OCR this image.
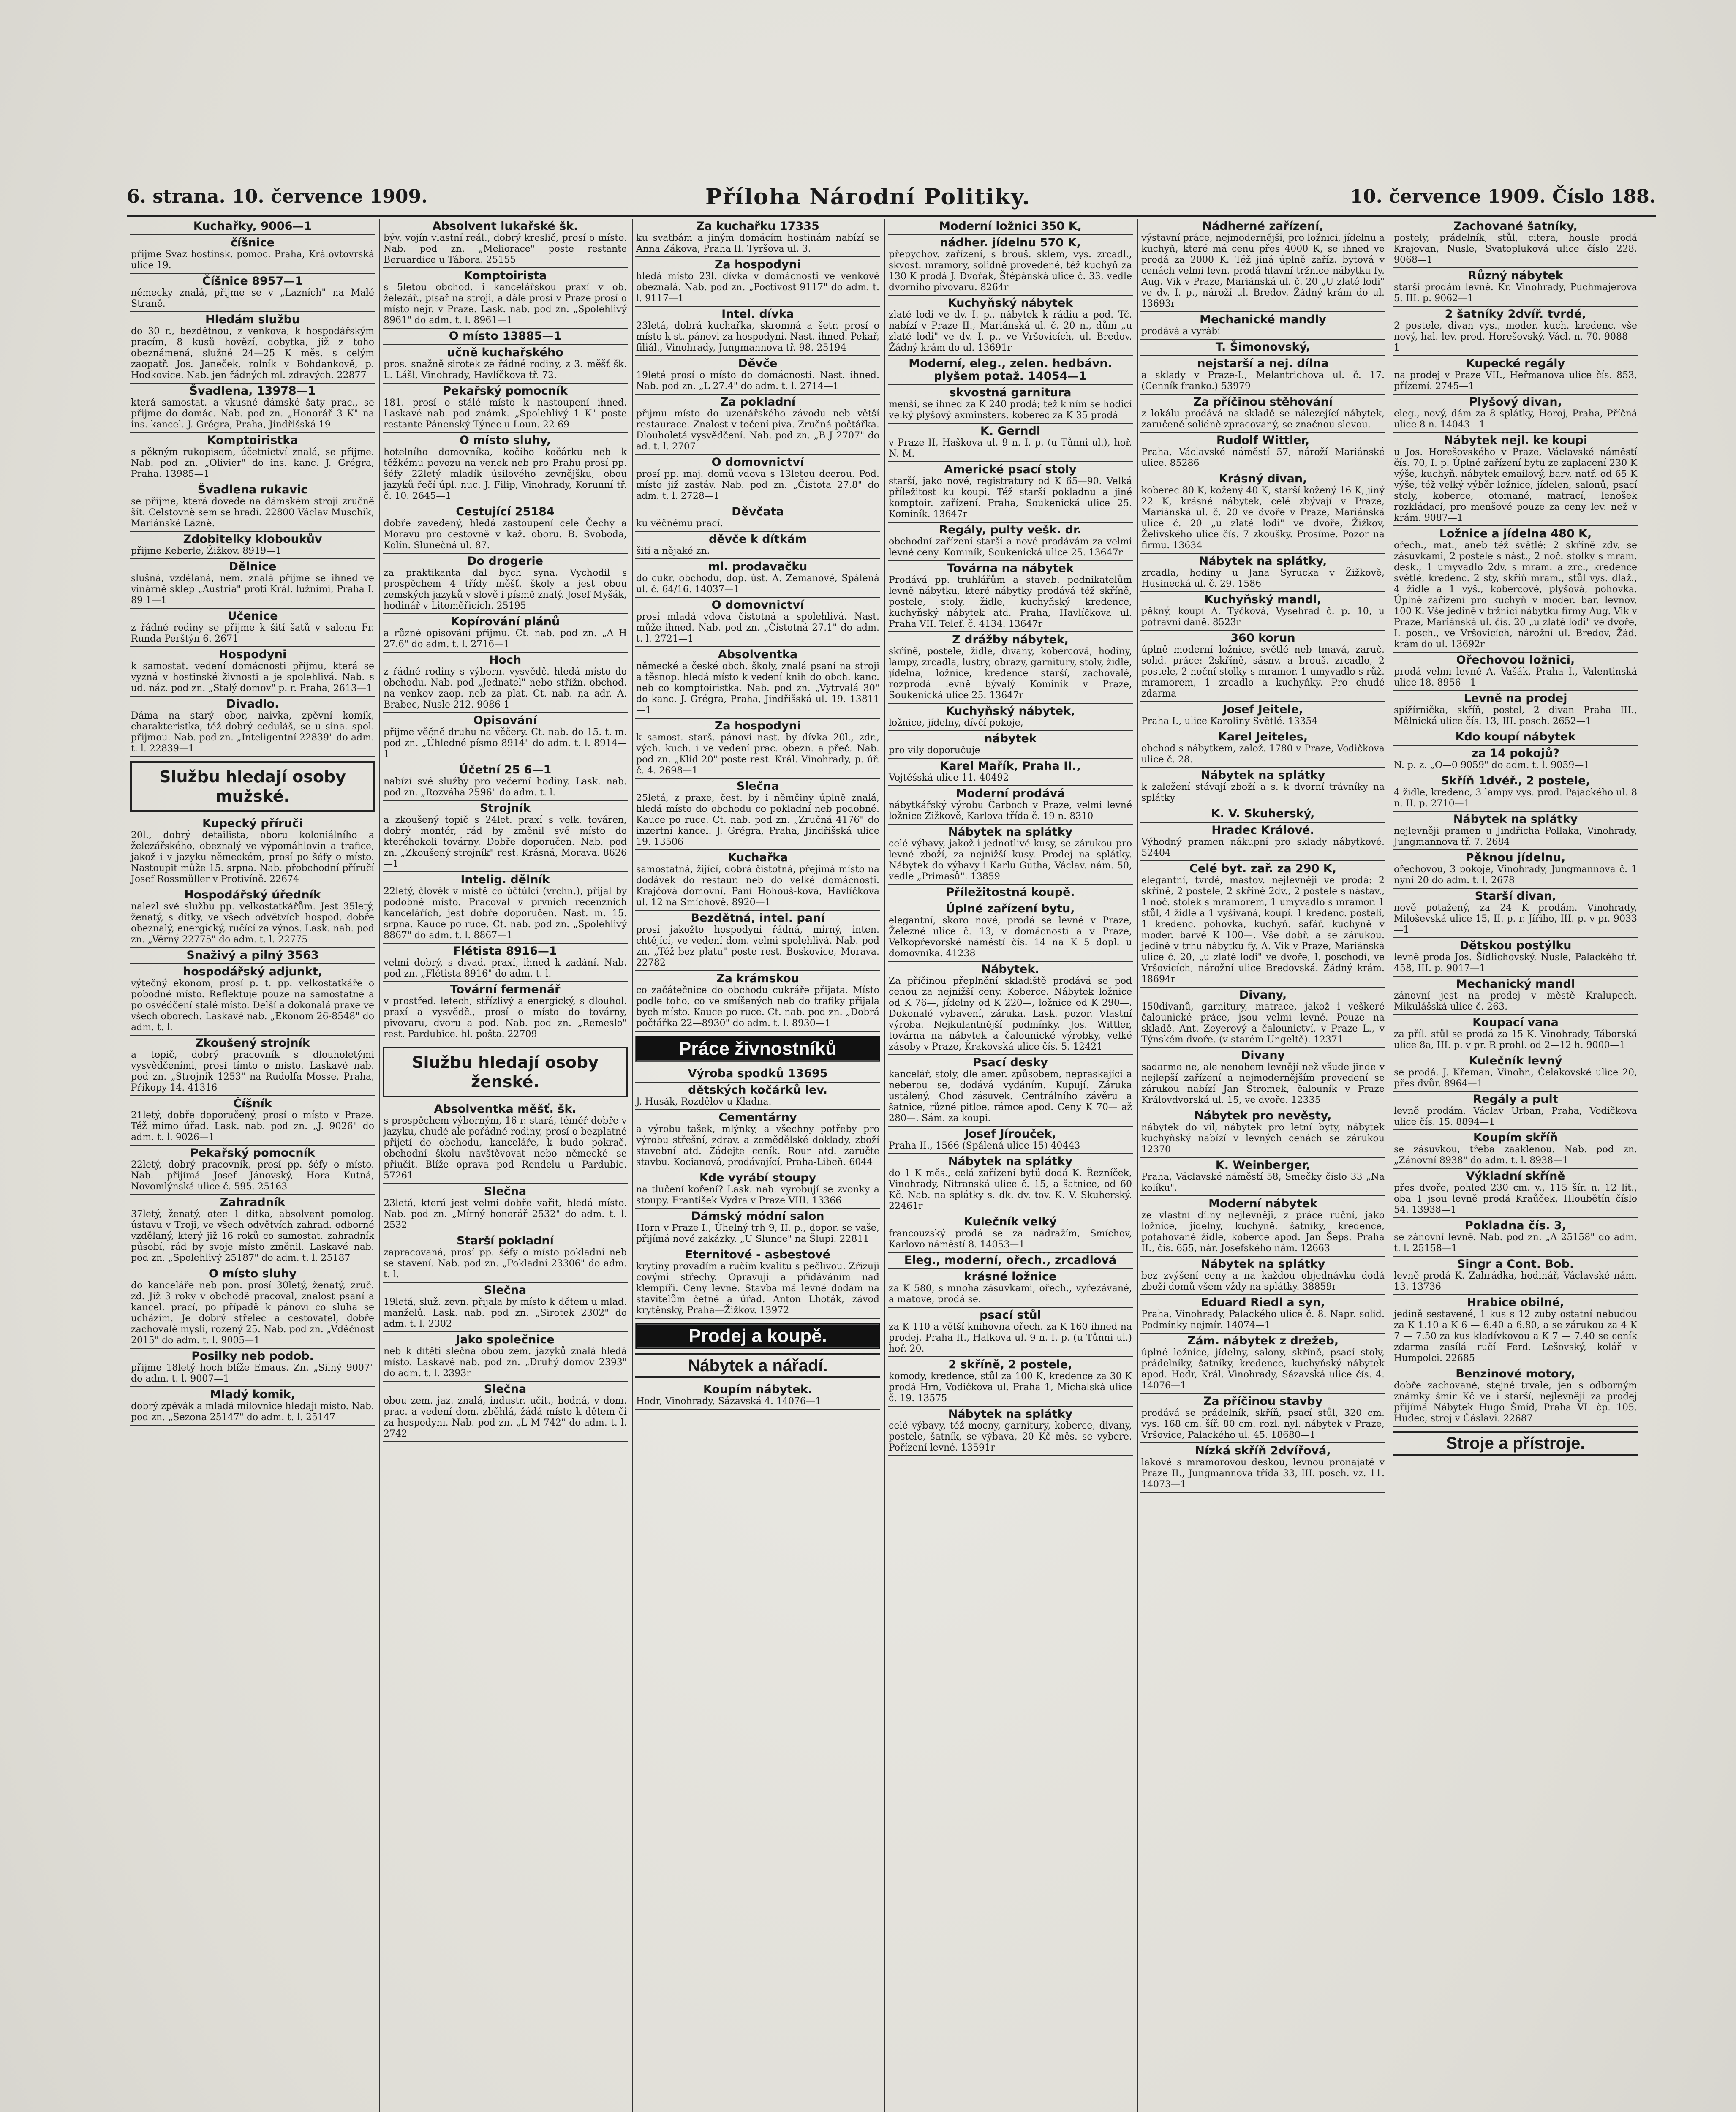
6. strana. 10. července 1909.	Příloha Národní Politiky.	10. července 1909. Číslo 188.
Kuchařky, 9006—1
číšnice
přijme Svaz hostinsk. pomoc. Praha, Královtovrská ulice 19.
Číšnice 8957—1
německy znalá, přijme se v „Lazních" na Malé Straně.
Hledám službu
do 30 r., bezdětnou, z venkova, k hospodářským pracím, 8 kusů hovězí, dobytka, již z toho obeznámená, služné 24—25 K měs. s celým zaopatř. Jos. Janeček, rolník v Bohdankově, p. Hodkovice. Nab. jen řádných ml. zdravých. 22877
Švadlena, 13978—1
která samostat. a vkusné dámské šaty prac., se přijme do domác. Nab. pod zn. „Honorář 3 K" na ins. kancel. J. Grégra, Praha, Jindřišská 19
Komptoiristka
s pěkným rukopisem, účetnictví znalá, se přijme. Nab. pod zn. „Olivier" do ins. kanc. J. Grégra, Praha. 13985—1
Švadlena rukavic
se přijme, která dovede na dámském stroji zručně šít. Celstovně sem se hradí. 22800 Václav Muschik, Mariánské Lázně.
Zdobitelky kloboukův
přijme Keberle, Žižkov. 8919—1
Dělnice
slušná, vzdělaná, ném. znalá přijme se ihned ve vinárně sklep „Austria" proti Král. lužními, Praha I. 89 1—1
Učenice
z řádné rodiny se přijme k šití šatů v salonu Fr. Runda Perštýn 6. 2671
Hospodyni
k samostat. vedení domácnosti přijmu, která se vyzná v hostinské živnosti a je spolehlivá. Nab. s ud. náz. pod zn. „Stalý domov" p. r. Praha, 2613—1
Divadlo.
Dáma na starý obor, naivka, zpěvní komik, charakteristka, též dobrý ceduláš, se u sina. spol. přijmou. Nab. pod zn. „Inteligentní 22839" do adm. t. l. 22839—1
Službu hledají osoby mužské.
Kupecký příruči
20l., dobrý detailista, oboru koloniálního a železářského, obeznalý ve výpomáhlovin a trafice, jakož i v jazyku německém, prosí po šéfy o místo. Nastoupit může 15. srpna. Nab. přobchodní příručí Josef Rossmüller v Protivíně. 22674
Hospodářský úředník
nalezl své službu pp. velkostatkářům. Jest 35letý, ženatý, s dítky, ve všech odvětvích hospod. dobře obeznalý, energický, ručící za výnos. Lask. nab. pod zn. „Věrný 22775" do adm. t. l. 22775
Snaživý a pilný 3563
hospodářský adjunkt,
výtečný ekonom, prosí p. t. pp. velkostatkáře o pobodné místo. Reflektuje pouze na samostatné a po osvědčení stálé místo. Delší a dokonalá praxe ve všech oborech. Laskavé nab. „Ekonom 26-8548" do adm. t. l.
Zkoušený strojník
a topič, dobrý pracovník s dlouholetými vysvědčeními, prosí tímto o místo. Laskavé nab. pod zn. „Strojník 1253" na Rudolfa Mosse, Praha, Příkopy 14. 41316
Číšník
21letý, dobře doporučený, prosí o místo v Praze. Též mimo úřad. Lask. nab. pod zn. „J. 9026" do adm. t. l. 9026—1
Pekařský pomocník
22letý, dobrý pracovník, prosí pp. šéfy o místo. Nab. přijímá Josef Jánovský, Hora Kutná, Novomlýnská ulice č. 595. 25163
Zahradník
37letý, ženatý, otec 1 ditka, absolvent pomolog. ústavu v Troji, ve všech odvětvích zahrad. odborné vzdělaný, který již 16 roků co samostat. zahradník působí, rád by svoje místo změnil. Laskavé nab. pod zn. „Spolehlivý 25187" do adm. t. l. 25187
O místo sluhy
do kanceláře neb pon. prosí 30letý, ženatý, zruč. zd. Již 3 roky v obchodě pracoval, znalost psaní a kancel. prací, po případě k pánovi co sluha se ucházím. Je dobrý střelec a cestovatel, dobře zachovalé mysli, rozený 25. Nab. pod zn. „Vděčnost 2015" do adm. t. l. 9005—1
Posilky neb podob.
přijme 18letý hoch blíže Emaus. Zn. „Silný 9007" do adm. t. l. 9007—1
Mladý komik,
dobrý zpěvák a mladá milovnice hledají místo. Nab. pod zn. „Sezona 25147" do adm. t. l. 25147
Absolvent lukařské šk.
býv. vojín vlastní reál., dobrý kreslič, prosí o místo. Nab. pod zn. „Meliorace" poste restante Beruardice u Tábora. 25155
Komptoirista
s 5letou obchod. i kancelářskou praxí v ob. železář., písař na stroji, a dále prosí v Praze prosí o místo nejr. v Praze. Lask. nab. pod zn. „Spolehlivý 8961" do adm. t. l. 8961—1
O místo 13885—1
učně kuchařského
pros. snažně sirotek ze řádné rodiny, z 3. měšť šk. L. Lášl, Vinohrady, Havlíčkova tř. 72.
Pekařský pomocník
181. prosí o stálé místo k nastoupení ihned. Laskavé nab. pod známk. „Spolehlivý 1 K" poste restante Pánenský Týnec u Loun. 22 69
O místo sluhy,
hotelního domovníka, kočího kočárku neb k těžkému povozu na venek neb pro Prahu prosí pp. šéfy 22letý mladík úsilového zevnějšku, obou jazyků řečí úpl. nuc. J. Filip, Vinohrady, Korunní tř. č. 10. 2645—1
Cestující 25184
dobře zavedený, hledá zastoupení cele Čechy a Moravu pro cestovně v kaž. oboru. B. Svoboda, Kolín. Slunečná ul. 87.
Do drogerie
za praktikanta dal bych syna. Vychodil s prospěchem 4 třídy měšť. školy a jest obou zemských jazyků v slově i písmě znalý. Josef Myšák, hodinář v Litoměřicích. 25195
Kopírování plánů
a různé opisování přijmu. Ct. nab. pod zn. „A H 27.6" do adm. t. l. 2716—1
Hoch
z řádné rodiny s výborn. vysvědč. hledá místo do obchodu. Nab. pod „Jednatel" nebo střížn. obchod. na venkov zaop. neb za plat. Ct. nab. na adr. A. Brabec, Nusle 212. 9086-1
Opisování
přijme věčně druhu na věčery. Ct. nab. do 15. t. m. pod zn. „Úhledné písmo 8914" do adm. t. l. 8914—1
Účetní 25 6—1
nabízí své služby pro večerní hodiny. Lask. nab. pod zn. „Rozváha 2596" do adm. t. l.
Strojník
a zkoušený topič s 24let. praxí s velk. továren, dobrý montér, rád by změnil své místo do kteréhokoli továrny. Dobře doporučen. Nab. pod zn. „Zkoušený strojník" rest. Krásná, Morava. 8626—1
Intelig. dělník
22letý, člověk v místě co účtúlcí (vrchn.), přijal by podobné místo. Pracoval v prvních recenzních kancelářích, jest dobře doporučen. Nast. m. 15. srpna. Kauce po ruce. Ct. nab. pod zn. „Spolehlivý 8867" do adm. t. l. 8867—1
Flétista 8916—1
velmi dobrý, s divad. praxí, ihned k zadání. Nab. pod zn. „Flétista 8916" do adm. t. l.
Tovární fermenář
v prostřed. letech, střízlivý a energický, s dlouhol. praxí a vysvědč., prosí o místo do továrny, pivovaru, dvoru a pod. Nab. pod zn. „Remeslo" rest. Pardubice. hl. pošta. 22709
Službu hledají osoby ženské.
Absolventka měšť. šk.
s prospěchem výborným, 16 r. stará, téměř dobře v jazyku, chudé ale pořádné rodiny, prosí o bezplatné přijetí do obchodu, kanceláře, k budo pokrač. obchodní školu navštěvovat nebo německé se přiučit. Blíže oprava pod Rendelu u Pardubic. 57261
Slečna
23letá, která jest velmi dobře vařit, hledá místo. Nab. pod zn. „Mírný honorář 2532" do adm. t. l. 2532
Starší pokladní
zapracovaná, prosí pp. šéfy o místo pokladní neb se stavení. Nab. pod zn. „Pokladní 23306" do adm. t. l.
Slečna
19letá, služ. zevn. přijala by místo k dětem u mlad. manželů. Lask. nab. pod zn. „Sirotek 2302" do adm. t. l. 2302
Jako společnice
neb k dítěti slečna obou zem. jazyků znalá hledá místo. Laskavé nab. pod zn. „Druhý domov 2393" do adm. t. l. 2393r
Slečna
obou zem. jaz. znalá, industr. učit., hodná, v dom. prac. a vedení dom. zběhlá, žádá místo k dětem či za hospodyni. Nab. pod zn. „L M 742" do adm. t. l. 2742
Za kuchařku 17335
ku svatbám a jiným domácím hostinám nabízí se Anna Zákova, Praha II. Tyršova ul. 3.
Za hospodyni
hledá místo 23l. dívka v domácnosti ve venkově obeznalá. Nab. pod zn. „Poctivost 9117" do adm. t. l. 9117—1
Intel. dívka
23letá, dobrá kuchařka, skromná a šetr. prosí o místo k st. pánovi za hospodyni. Nast. ihned. Pekař, filiál., Vinohrady, Jungmannova tř. 98. 25194
Děvče
19leté prosí o místo do domácnosti. Nast. ihned. Nab. pod zn. „L 27.4" do adm. t. l. 2714—1
Za pokladní
přijmu místo do uzenářského závodu neb větší restaurace. Znalost v točení piva. Zručná počtářka. Dlouholetá vysvědčení. Nab. pod zn. „B J 2707" do ad. t. l. 2707
O domovnictví
prosí pp. maj. domů vdova s 13letou dcerou. Pod. místo již zastáv. Nab. pod zn. „Čistota 27.8" do adm. t. l. 2728—1
Děvčata
ku věčnému prací.
děvče k dítkám
šití a nějaké zn.
ml. prodavačku
do cukr. obchodu, dop. úst. A. Zemanové, Spálená ul. č. 64/16. 14037—1
O domovnictví
prosí mladá vdova čistotná a spolehlivá. Nast. může ihned. Nab. pod zn. „Čistotná 27.1" do adm. t. l. 2721—1
Absolventka
německé a české obch. školy, znalá psaní na stroji a těsnop. hledá místo k vedení knih do obch. kanc. neb co komptoiristka. Nab. pod zn. „Vytrvalá 30" do kanc. J. Grégra, Praha, Jindřišská ul. 19. 13811—1
Za hospodyni
k samost. starš. pánovi nast. by dívka 20l., zdr., vých. kuch. i ve vedení prac. obezn. a přeč. Nab. pod zn. „Klid 20" poste rest. Král. Vinohrady, p. úř. č. 4. 2698—1
Slečna
25letá, z praxe, čest. by i němčiny úplně znalá, hledá místo do obchodu co pokladní neb podobné. Kauce po ruce. Ct. nab. pod zn. „Zručná 4176" do inzertní kancel. J. Grégra, Praha, Jindřišská ulice 19. 13506
Kuchařka
samostatná, žijící, dobrá čistotná, přejímá místo na dodávek do restaur. neb do velké domácnosti. Krajčová domovní. Paní Hohouš-ková, Havlíčkova ul. 12 na Smíchově. 8920—1
Bezdětná, intel. paní
prosí jakožto hospodyni řádná, mírný, inten. chtějící, ve vedení dom. velmi spolehlivá. Nab. pod zn. „Též bez platu" poste rest. Boskovice, Morava. 22782
Za krámskou
co začátečnice do obchodu cukráře přijata. Místo podle toho, co ve smíšených neb do trafiky přijala bych místo. Kauce po ruce. Ct. nab. pod zn. „Dobrá počtářka 22—8930" do adm. t. l. 8930—1
Práce živnostníků
Výroba spodků 13695
dětských kočárků lev.
J. Husák, Rozdělov u Kladna.
Cementárny
a výrobu tašek, mlýnky, a všechny potřeby pro výrobu střešní, zdrav. a zemědělské doklady, zboží stavební atd. Žádejte ceník. Rour atd. zaručte stavbu. Kocianová, prodávající, Praha-Libeň. 6044
Kde vyrábí stoupy
na tlučení koření? Lask. nab. vyrobují se zvonky a stoupy. František Vydra v Praze VIII. 13366
Dámský módní salon
Horn v Praze I., Úhelný trh 9, II. p., dopor. se vaše, přijímá nové zakázky. „U Slunce" na Šlupi. 22811
Eternitové - asbestové
krytiny provádím a ručím kvalitu s pečlivou. Zřizuji covými střechy. Opravuji a přidáváním nad klempíři. Ceny levné. Stavba má levné dodám na stavitelům četné a úřad. Anton Lhoták, závod krytěnský, Praha—Žižkov. 13972
Prodej a koupě.
Nábytek a nářadí.
Koupím nábytek.
Hodr, Vinohrady, Sázavská 4. 14076—1
Moderní ložnici 350 K,
nádher. jídelnu 570 K,
přepychov. zařízení, s brouš. sklem, vys. zrcadl., skvost. mramory, solidně provedené, též kuchyň za 130 K prodá J. Dvořák, Štěpánská ulice č. 33, vedle dvorního pivovaru. 8264r
Kuchyňský nábytek
zlaté lodí ve dv. I. p., nábytek k rádiu a pod. Tč. nabízí v Praze II., Mariánská ul. č. 20 n., dům „u zlaté lodi" ve dv. I. p., ve Vršovicích, ul. Bredov. Žádný krám do ul. 13691r
Moderní, eleg., zelen. hedbávn. plyšem potaž. 14054—1
skvostná garnitura
menší, se ihned za K 240 prodá; též k ním se hodicí velký plyšový axminsters. koberec za K 35 prodá
K. Gerndl
v Praze II, Haškova ul. 9 n. I. p. (u Tůnni ul.), hoř. N. M.
Americké psací stoly
starší, jako nové, registratury od K 65—90. Velká příležitost ku koupi. Též starší pokladnu a jiné komptoir. zařízení. Praha, Soukenická ulice 25. Kominík. 13647r
Regály, pulty vešk. dr.
obchodní zařízení starší a nové prodávám za velmi levné ceny. Kominík, Soukenická ulice 25. 13647r
Továrna na nábytek
Prodává pp. truhlářům a staveb. podnikatelům levně nábytku, které nábytky prodává též skříně, postele, stoly, židle, kuchyňský kredence, kuchyňský nábytek atd. Praha, Havlíčkova ul. Praha VII. Telef. č. 4134. 13647r
Z drážby nábytek,
skříně, postele, židle, divany, kobercová, hodiny, lampy, zrcadla, lustry, obrazy, garnitury, stoly, židle, jídelna, ložnice, kredence starší, zachovalé, rozprodá levně bývalý Kominík v Praze, Soukenická ulice 25. 13647r
Kuchyňský nábytek,
ložnice, jídelny, dívčí pokoje,
nábytek
pro vily doporučuje
Karel Mařík, Praha II.,
Vojtěšská ulice 11. 40492
Moderní prodává
nábytkářský výrobu Čarboch v Praze, velmi levné ložnice Žižkově, Karlova třída č. 19 n. 8310
Nábytek na splátky
celé výbavy, jakož i jednotlivé kusy, se zárukou pro levné zboží, za nejnižší kusy. Prodej na splátky. Nábytek do výbavy i Karlu Gutha, Václav. nám. 50, vedle „Primasů". 13859
Příležitostná koupě.
Úplné zařízení bytu,
elegantní, skoro nové, prodá se levně v Praze, Železné ulice č. 13, v domácnosti a v Praze, Velkopřevorské náměstí čís. 14 na K 5 dopl. u domovníka. 41238
Nábytek.
Za příčinou přeplnění skladiště prodává se pod cenou za nejnižší ceny. Koberce. Nábytek ložnice od K 76—, jídelny od K 220—, ložnice od K 290—. Dokonalé vybavení, záruka. Lask. pozor. Vlastní výroba. Nejkulantnější podmínky. Jos. Wittler, továrna na nábytek a čalounické výrobky, velké zásoby v Praze, Krakovská ulice čís. 5. 12421
Psací desky
kancelář, stoly, dle amer. způsobem, nepraskající a neberou se, dodává vydáním. Kupují. Záruka ustálený. Chod zásuvek. Centrálního závěru a šatnice, různé pitloe, rámce apod. Ceny K 70— až 280—. Sám. za koupi.
Josef Jírouček,
Praha II., 1566 (Spálená ulice 15) 40443
Nábytek na splátky
do 1 K měs., celá zařízení bytů dodá K. Řezníček, Vinohrady, Nitranská ulice č. 15, a šatnice, od 60 Kč. Nab. na splátky s. dk. dv. tov. K. V. Skuherský. 22461r
Kulečník velký
francouzský prodá se za nádražím, Smíchov, Karlovo náměstí 8. 14053—1
Eleg., moderní, ořech., zrcadlová
krásné ložnice
za K 580, s mnoha zásuvkami, ořech., vyřezávané, a matove, prodá se.
psací stůl
za K 110 a větší knihovna ořech. za K 160 ihned na prodej. Praha II., Halkova ul. 9 n. I. p. (u Tůnni ul.) hoř. 20.
2 skříně, 2 postele,
komody, kredence, stůl za 100 K, kredence za 30 K prodá Hrn, Vodičkova ul. Praha 1, Michalská ulice č. 19. 13575
Nábytek na splátky
celé výbavy, též mocny, garnitury, koberce, divany, postele, šatník, se výbava, 20 Kč měs. se vybere. Pořízení levné. 13591r
Nádherné zařízení,
výstavní práce, nejmodernější, pro ložnici, jídelnu a kuchyň, které má cenu přes 4000 K, se ihned ve prodá za 2000 K. Též jiná úplně zaříz. bytová v cenách velmi levn. prodá hlavní tržnice nábytku fy. Aug. Vik v Praze, Mariánská ul. č. 20 „U zlaté lodi" ve dv. I. p., nároží ul. Bredov. Žádný krám do ul. 13693r
Mechanické mandly
prodává a vyrábí
T. Šimonovský,
nejstarší a nej. dílna
a sklady v Praze-I., Melantrichova ul. č. 17. (Cenník franko.) 53979
Za příčinou stěhování
z lokálu prodává na skladě se nálezející nábytek, zaručeně solidně zpracovaný, se značnou slevou.
Rudolf Wittler,
Praha, Václavské náměstí 57, nároží Mariánské ulice. 85286
Krásný divan,
koberec 80 K, kožený 40 K, starší kožený 16 K, jiný 22 K, krásné nábytek, celé zbývají v Praze, Mariánská ul. č. 20 ve dvoře v Praze, Mariánská ulice č. 20 „u zlaté lodi" ve dvoře, Žižkov, Želivského ulice čís. 7 zkoušky. Prosíme. Pozor na firmu. 13634
Nábytek na splátky,
zrcadla, hodiny u Jana Syrucka v Žižkově, Husinecká ul. č. 29. 1586
Kuchyňský mandl,
pěkný, koupí A. Tyčková, Vysehrad č. p. 10, u potravní daně. 8523r
360 korun
úplně moderní ložnice, světlé neb tmavá, zaruč. solid. práce: 2skříně, sásnv. a brouš. zrcadlo, 2 postele, 2 noční stolky s mramor. 1 umyvadlo s růž. mramorem, 1 zrcadlo a kuchyňky. Pro chudé zdarma
Josef Jeitele,
Praha I., ulice Karoliny Světlé. 13354
Karel Jeiteles,
obchod s nábytkem, založ. 1780 v Praze, Vodičkova ulice č. 28.
Nábytek na splátky
k založení stávají zboží a s. k dvorní trávníky na splátky
K. V. Skuherský,
Hradec Králové.
Výhodný pramen nákupní pro sklady nábytkové. 52404
Celé byt. zař. za 290 K,
elegantní, tvrdé, mastov. nejlevněji ve prodá: 2 skříně, 2 postele, 2 skříně 2dv., 2 postele s nástav., 1 noč. stolek s mramorem, 1 umyvadlo s mramor. 1 stůl, 4 židle a 1 vyšivaná, koupí. 1 kredenc. postelí, 1 kredenc. pohovka, kuchyň. safář. kuchyně v moder. barvě K 100—. Vše dobř. a se zárukou. jedině v trhu nábytku fy. A. Vik v Praze, Mariánská ulice č. 20, „u zlaté lodi" ve dvoře, I. poschodí, ve Vršovicích, nárožní ulice Bredovská. Žádný krám. 18694r
Divany,
150divanů, garnitury, matrace, jakož i veškeré čalounické práce, jsou velmi levné. Pouze na skladě. Ant. Zeyerový a čalounictví, v Praze L., v Týnském dvoře. (v starém Ungeltě). 12371
Divany
sadarmo ne, ale nenobem levnějí než všude jinde v nejlepší zařízení a nejmodernějším provedení se zárukou nabízí Jan Štromek, čalouník v Praze Královdvorská ul. 15, ve dvoře. 12335
Nábytek pro nevěsty,
nábytek do vil, nábytek pro letní byty, nábytek kuchyňský nabízí v levných cenách se zárukou 12370
K. Weinberger,
Praha, Václavské náměstí 58, Smečky číslo 33 „Na kolíku".
Moderní nábytek
ze vlastní dílny nejlevněji, z práce ruční, jako ložnice, jídelny, kuchyně, šatníky, kredence, potahované židle, koberce apod. Jan Šeps, Praha II., čís. 655, nár. Josefského nám. 12663
Nábytek na splátky
bez zvýšení ceny a na každou objednávku dodá zboží domů všem vždy na splátky. 38859r
Eduard Riedl a syn,
Praha, Vinohrady, Palackého ulice č. 8. Napr. solid. Podmínky nejmír. 14074—1
Zám. nábytek z drežeb,
úplné ložnice, jídelny, salony, skříně, psací stoly, prádelníky, šatníky, kredence, kuchyňský nábytek apod. Hodr, Král. Vinohrady, Sázavská ulice čís. 4. 14076—1
Za příčinou stavby
prodává se prádelník, skříň, psací stůl, 320 cm. vys. 168 cm. šíř. 80 cm. rozl. nyl. nábytek v Praze, Vršovice, Palackého ul. 45. 18680—1
Nízká skříň 2dvířová,
lakové s mramorovou deskou, levnou pronajaté v Praze II., Jungmannova třída 33, III. posch. vz. 11. 14073—1
Zachované šatníky,
postely, prádelník, stůl, citera, housle prodá Krajovan, Nusle, Svatopluková ulice číslo 228. 9068—1
Různý nábytek
starší prodám levně. Kr. Vinohrady, Puchmajerova 5, III. p. 9062—1
2 šatníky 2dvíř. tvrdé,
2 postele, divan vys., moder. kuch. kredenc, vše nový, hal. lev. prod. Horešovský, Václ. n. 70. 9088—1
Kupecké regály
na prodej v Praze VII., Heřmanova ulice čís. 853, přízemí. 2745—1
Plyšový divan,
eleg., nový, dám za 8 splátky, Horoj, Praha, Příčná ulice 8 n. 14043—1
Nábytek nejl. ke koupi
u Jos. Horešovského v Praze, Václavské náměstí čís. 70, I. p. Úplné zařízení bytu ze zaplacení 230 K výše, kuchyň. nábytek emailový, barv. natř. od 65 K výše, též velký výběr ložnice, jídelen, salonů, psací stoly, koberce, otomané, matrací, lenošek rozkládací, pro menšové pouze za ceny lev. než v krám. 9087—1
Ložnice a jídelna 480 K,
ořech., mat., aneb též světlé: 2 skříně zdv. se zásuvkami, 2 postele s nást., 2 noč. stolky s mram. desk., 1 umyvadlo 2dv. s mram. a zrc., kredence světlé, kredenc. 2 sty, skříň mram., stůl vys. dlaž., 4 židle a 1 vyš., kobercové, plyšová, pohovka. Úplně zařízení pro kuchyň v moder. bar. levnov. 100 K. Vše jedině v tržnici nábytku firmy Aug. Vik v Praze, Mariánská ul. čís. 20 „u zlaté lodi" ve dvoře, I. posch., ve Vršovicích, nárožní ul. Bredov, Žád. krám do ul. 13692r
Ořechovou ložnici,
prodá velmi levně A. Vašák, Praha I., Valentinská ulice 18. 8956—1
Levně na prodej
spížírnička, skříň, postel, 2 divan Praha III., Mělnická ulice čís. 13, III. posch. 2652—1
Kdo koupí nábytek
za 14 pokojů?
N. p. z. „O—0 9059" do adm. t. l. 9059—1
Skříň 1dvéř., 2 postele,
4 židle, kredenc, 3 lampy vys. prod. Pajackého ul. 8 n. II. p. 2710—1
Nábytek na splátky
nejlevněji pramen u Jindřicha Pollaka, Vinohrady, Jungmannova tř. 7. 2684
Pěknou jídelnu,
ořechovou, 3 pokoje, Vinohrady, Jungmannova č. 1 nyní 20 do adm. t. l. 2678
Starší divan,
nově potažený, za 24 K prodám. Vinohrady, Miloševská ulice 15, II. p. r. Jířiho, III. p. v pr. 9033—1
Dětskou postýlku
levně prodá Jos. Šídlichovský, Nusle, Palackého tř. 458, III. p. 9017—1
Mechanický mandl
zánovní jest na prodej v městě Kralupech, Mikulášská ulice č. 263.
Koupací vana
za příl. stůl se prodá za 15 K. Vinohrady, Táborská ulice 8a, III. p. v pr. R prohl. od 2—12 h. 9000—1
Kulečník levný
se prodá. J. Křeman, Vinohr., Čelakovské ulice 20, přes dvůr. 8964—1
Regály a pult
levně prodám. Václav Urban, Praha, Vodičkova ulice čís. 15. 8894—1
Koupím skříň
se zásuvkou, třeba zaaklenou. Nab. pod zn. „Zánovní 8938" do adm. t. l. 8938—1
Výkladní skříně
přes dvoře, pohled 230 cm. v., 115 šír. n. 12 lít., oba 1 jsou levně prodá Kraůček, Hloubětín číslo 54. 13938—1
Pokladna čís. 3,
se zánovní levně. Nab. pod zn. „A 25158" do adm. t. l. 25158—1
Singr a Cont. Bob.
levně prodá K. Zahrádka, hodinář, Václavské nám. 13. 13736
Hrabice obilné,
jedině sestavené, 1 kus s 12 zuby ostatní nebudou za K 1.10 a K 6 — 6.40 a 6.80, a se zárukou za 4 K 7 — 7.50 za kus kladívkovou a K 7 — 7.40 se ceník zdarma zasílá ručí Ferd. Lešovský, kolář v Humpolci. 22685
Benzinové motory,
dobře zachované, stejné trvale, jen s odborným známky šmir Kč ve i starší, nejlevněji za prodej přijímá Nábytek Hugo Šmíd, Praha VI. čp. 105. Hudec, stroj v Čáslavi. 22687
Stroje a přístroje.
